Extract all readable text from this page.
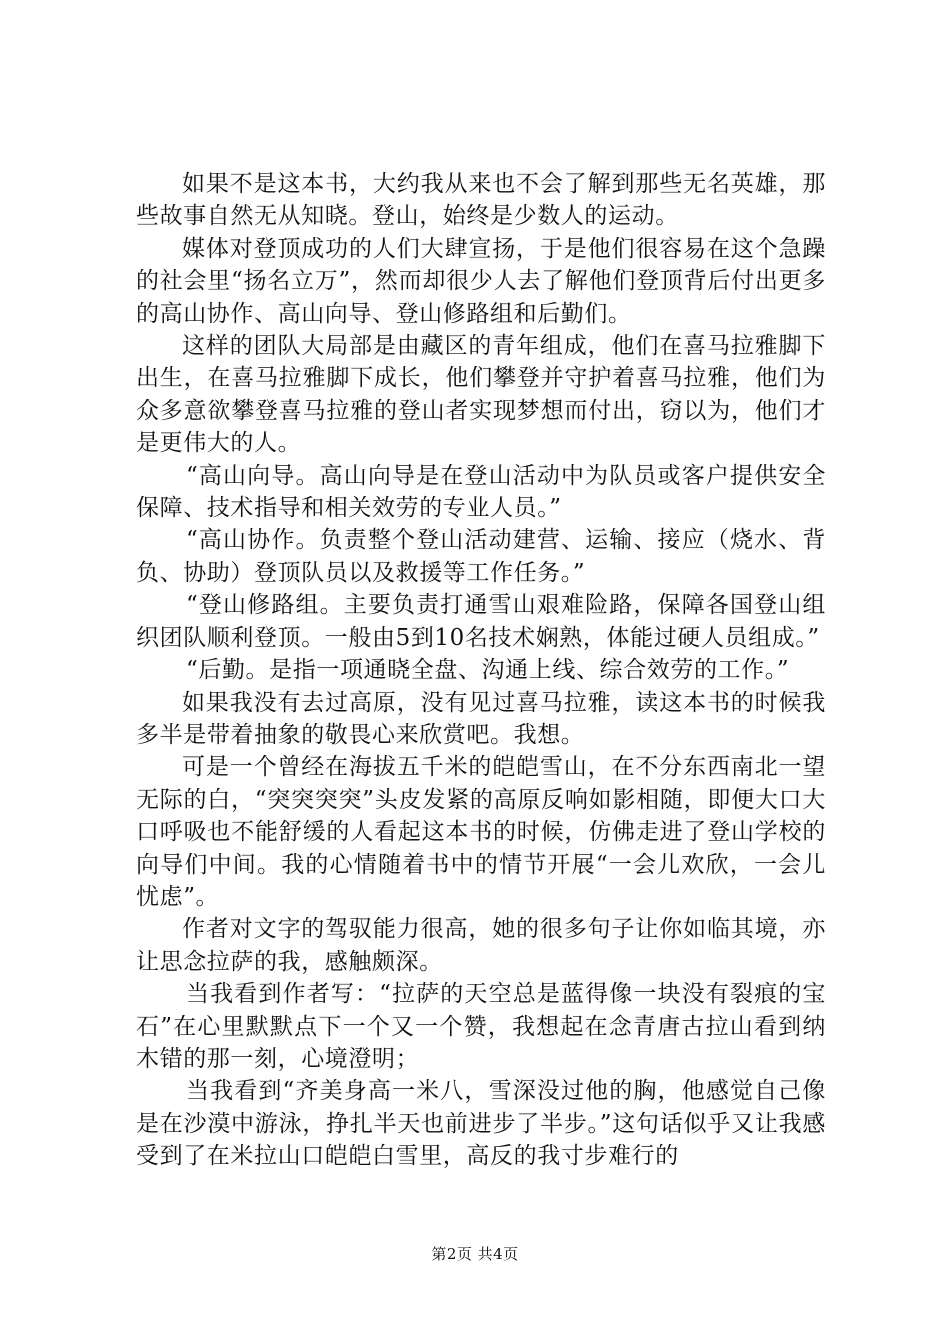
如果不是这本书，大约我从来也不会了解到那些无名英雄，那些故事自然无从知晓。登山，始终是少数人的运动。

媒体对登顶成功的人们大肆宣扬，于是他们很容易在这个急躁的社会里“扬名立万”，然而却很少人去了解他们登顶背后付出更多的高山协作、高山向导、登山修路组和后勤们。

这样的团队大局部是由藏区的青年组成，他们在喜马拉雅脚下出生，在喜马拉雅脚下成长，他们攀登并守护着喜马拉雅，他们为众多意欲攀登喜马拉雅的登山者实现梦想而付出，窃以为，他们才是更伟大的人。

“高山向导。高山向导是在登山活动中为队员或客户提供安全保障、技术指导和相关效劳的专业人员。”

“高山协作。负责整个登山活动建营、运输、接应（烧水、背负、协助）登顶队员以及救援等工作任务。”

“登山修路组。主要负责打通雪山艰难险路，保障各国登山组织团队顺利登顶。一般由5到10名技术娴熟，体能过硬人员组成。”

“后勤。是指一项通晓全盘、沟通上线、综合效劳的工作。”

如果我没有去过高原，没有见过喜马拉雅，读这本书的时候我多半是带着抽象的敬畏心来欣赏吧。我想。

可是一个曾经在海拔五千米的皑皑雪山，在不分东西南北一望无际的白，“突突突突”头皮发紧的高原反响如影相随，即便大口大口呼吸也不能舒缓的人看起这本书的时候，仿佛走进了登山学校的向导们中间。我的心情随着书中的情节开展“一会儿欢欣，一会儿忧虑”。

作者对文字的驾驭能力很高，她的很多句子让你如临其境，亦让思念拉萨的我，感触颇深。

当我看到作者写：“拉萨的天空总是蓝得像一块没有裂痕的宝石”在心里默默点下一个又一个赞，我想起在念青唐古拉山看到纳木错的那一刻，心境澄明；

当我看到“齐美身高一米八，雪深没过他的胸，他感觉自己像是在沙漠中游泳，挣扎半天也前进步了半步。”这句话似乎又让我感受到了在米拉山口皑皑白雪里，高反的我寸步难行的

第2页 共4页
